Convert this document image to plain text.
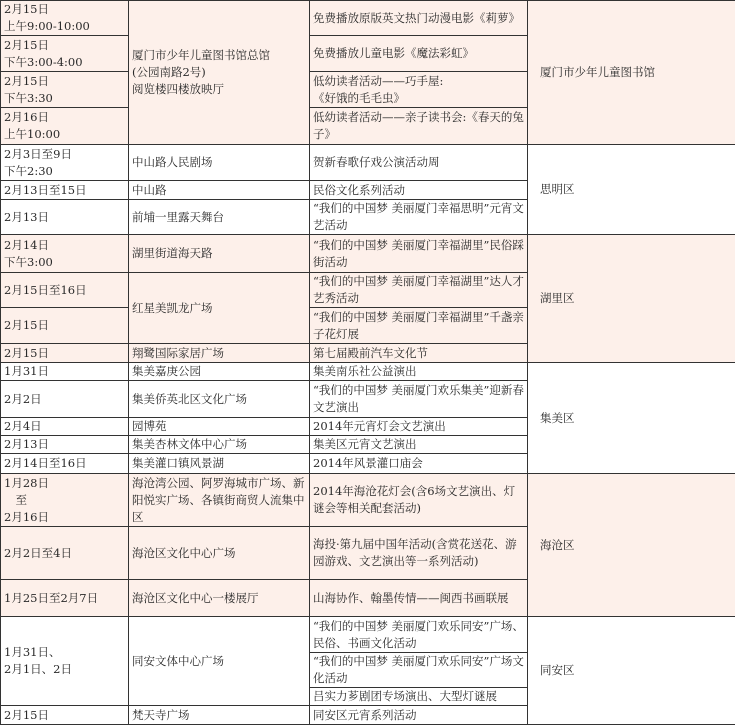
2月15日
上午9:00-10:00	厦门市少年儿童图书馆总馆
(公园南路2号)
阅览楼四楼放映厅	免费播放原版英文热门动漫电影《莉萝》	厦门市少年儿童图书馆
2月15日
下午3:00-4:00		免费播放儿童电影《魔法彩虹》	
2月15日
下午3:30		低幼读者活动——巧手屋:
《好饿的毛毛虫》	
2月16日
上午10:00		低幼读者活动——亲子读书会:《春天的兔子》	
2月3日至9日
下午2:30	中山路人民剧场	贺新春歌仔戏公演活动周	思明区
2月13日至15日	中山路	民俗文化系列活动	
2月13日	前埔一里露天舞台	“我们的中国梦 美丽厦门幸福思明”元宵文艺活动	
2月14日
下午3:00	湖里街道海天路	“我们的中国梦 美丽厦门幸福湖里”民俗踩街活动	湖里区
2月15日至16日	红星美凯龙广场	“我们的中国梦 美丽厦门幸福湖里”达人才艺秀活动	
2月15日		“我们的中国梦 美丽厦门幸福湖里”千盏亲子花灯展	
2月15日	翔鹭国际家居广场	第七届殿前汽车文化节	
1月31日	集美嘉庚公园	集美南乐社公益演出	集美区
2月2日	集美侨英北区文化广场	“我们的中国梦 美丽厦门欢乐集美”迎新春文艺演出	
2月4日	园博苑	2014年元宵灯会文艺演出	
2月13日	集美杏林文体中心广场	集美区元宵文艺演出	
2月14日至16日	集美灌口镇风景湖	2014年风景灌口庙会	
1月28日
　至
2月16日	海沧湾公园、阿罗海城市广场、新阳悦实广场、各镇街商贸人流集中区	2014年海沧花灯会(含6场文艺演出、灯谜会等相关配套活动)	海沧区
2月2日至4日	海沧区文化中心广场	海投·第九届中国年活动(含赏花送花、游园游戏、文艺演出等一系列活动)	
1月25日至2月7日	海沧区文化中心一楼展厅	山海协作、翰墨传情——闽西书画联展	
1月31日、
2月1日、2日	同安文体中心广场	“我们的中国梦 美丽厦门欢乐同安”广场、民俗、书画文化活动	同安区
		“我们的中国梦 美丽厦门欢乐同安”广场文化活动	
		吕实力芗剧团专场演出、大型灯谜展	
2月15日	梵天寺广场	同安区元宵系列活动	
